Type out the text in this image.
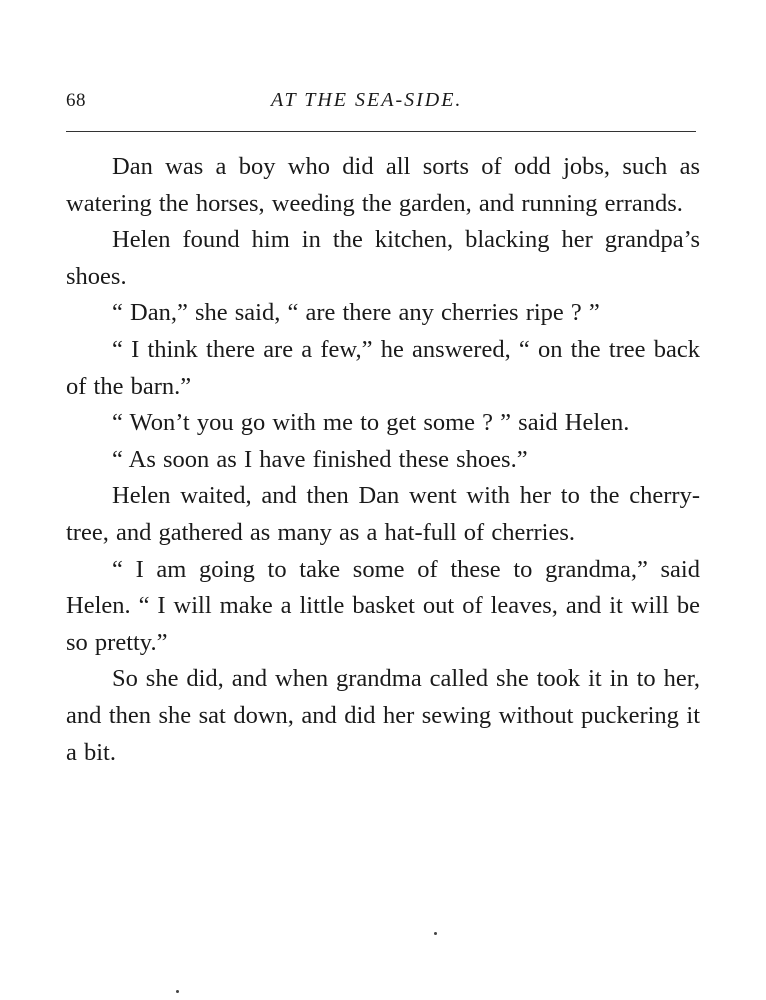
68	AT THE SEA-SIDE.

Dan was a boy who did all sorts of odd jobs, such as watering the horses, weeding the garden, and running errands.

Helen found him in the kitchen, blacking her grandpa’s shoes.

“ Dan,” she said, “ are there any cherries ripe ? ”

“ I think there are a few,” he answered, “ on the tree back of the barn.”

“ Won’t you go with me to get some ? ” said Helen.

“ As soon as I have finished these shoes.”

Helen waited, and then Dan went with her to the cherry-tree, and gathered as many as a hat-full of cherries.

“ I am going to take some of these to grandma,” said Helen. “ I will make a little basket out of leaves, and it will be so pretty.”

So she did, and when grandma called she took it in to her, and then she sat down, and did her sewing without puckering it a bit.
